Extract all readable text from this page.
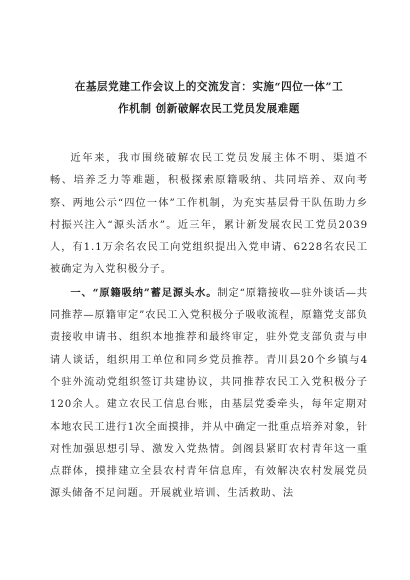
在基层党建工作会议上的交流发言：实施“四位一体”工
作机制 创新破解农民工党员发展难题

近年来，我市围绕破解农民工党员发展主体不明、渠道不畅、培养乏力等难题，积极探索原籍吸纳、共同培养、双向考察、两地公示“四位一体”工作机制，为充实基层骨干队伍助力乡村振兴注入“源头活水”。近三年，累计新发展农民工党员2039人，有1.1万余名农民工向党组织提出入党申请、6228名农民工被确定为入党积极分子。

一、“原籍吸纳”蓄足源头水。制定“原籍接收—驻外谈话—共同推荐—原籍审定”农民工入党积极分子吸收流程，原籍党支部负责接收申请书、组织本地推荐和最终审定，驻外党支部负责与申请人谈话，组织用工单位和同乡党员推荐。青川县20个乡镇与4个驻外流动党组织签订共建协议，共同推荐农民工入党积极分子120余人。建立农民工信息台账，由基层党委牵头，每年定期对本地农民工进行1次全面摸排，并从中确定一批重点培养对象，针对性加强思想引导、激发入党热情。剑阁县紧盯农村青年这一重点群体，摸排建立全县农村青年信息库，有效解决农村发展党员源头储备不足问题。开展就业培训、生活救助、法
